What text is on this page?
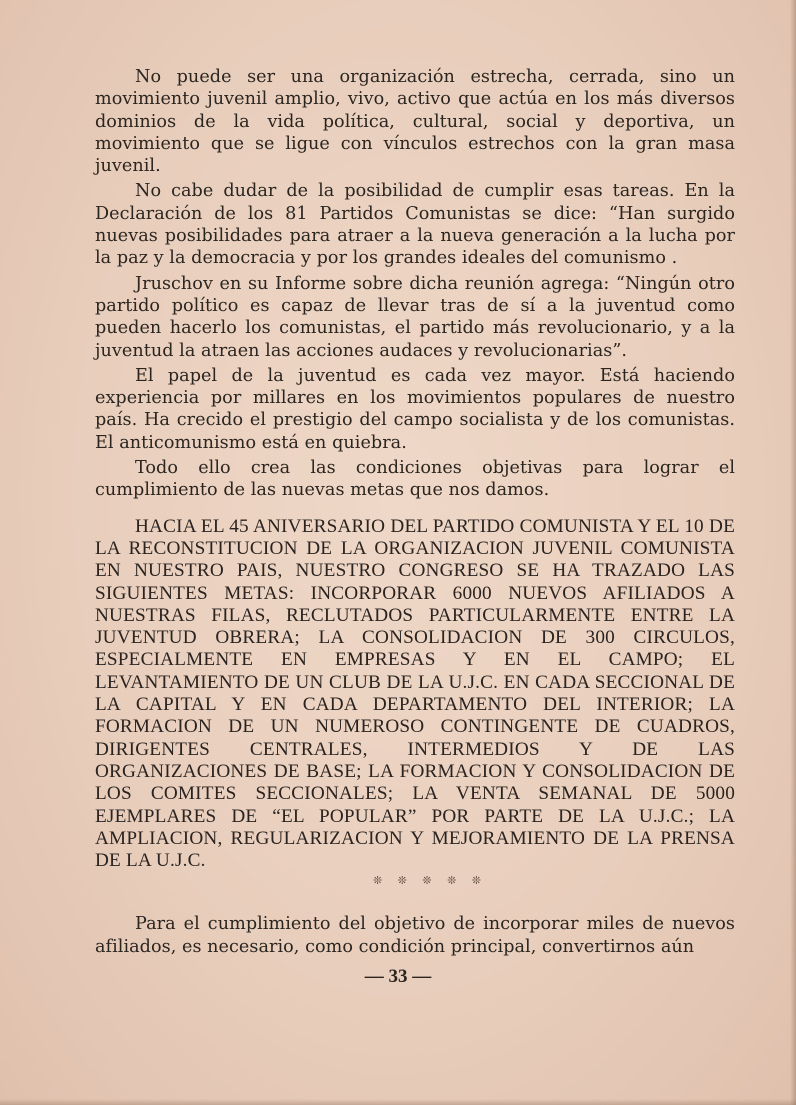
No puede ser una organización estrecha, cerrada, sino un movimiento juvenil amplio, vivo, activo que actúa en los más diversos dominios de la vida política, cultural, social y deportiva, un movimiento que se ligue con vínculos estrechos con la gran masa juvenil.

No cabe dudar de la posibilidad de cumplir esas tareas. En la Declaración de los 81 Partidos Comunistas se dice: “Han surgido nuevas posibilidades para atraer a la nueva generación a la lucha por la paz y la democracia y por los grandes ideales del comunismo .

Jruschov en su Informe sobre dicha reunión agrega: “Ningún otro partido político es capaz de llevar tras de sí a la juventud como pueden hacerlo los comunistas, el partido más revolucionario, y a la juventud la atraen las acciones audaces y revolucionarias”.

El papel de la juventud es cada vez mayor. Está haciendo experiencia por millares en los movimientos populares de nuestro país. Ha crecido el prestigio del campo socialista y de los comunistas. El anticomunismo está en quiebra.

Todo ello crea las condiciones objetivas para lograr el cumplimiento de las nuevas metas que nos damos.

HACIA EL 45 ANIVERSARIO DEL PARTIDO COMUNISTA Y EL 10 DE LA RECONSTITUCION DE LA ORGANIZACION JUVENIL COMUNISTA EN NUESTRO PAIS, NUESTRO CONGRESO SE HA TRAZADO LAS SIGUIENTES METAS: INCORPORAR 6000 NUEVOS AFILIADOS A NUESTRAS FILAS, RECLUTADOS PARTICULARMENTE ENTRE LA JUVENTUD OBRERA; LA CONSOLIDACION DE 300 CIRCULOS, ESPECIALMENTE EN EMPRESAS Y EN EL CAMPO; EL LEVANTAMIENTO DE UN CLUB DE LA U.J.C. EN CADA SECCIONAL DE LA CAPITAL Y EN CADA DEPARTAMENTO DEL INTERIOR; LA FORMACION DE UN NUMEROSO CONTINGENTE DE CUADROS, DIRIGENTES CENTRALES, INTERMEDIOS Y DE LAS ORGANIZACIONES DE BASE; LA FORMACION Y CONSOLIDACION DE LOS COMITES SECCIONALES; LA VENTA SEMANAL DE 5000 EJEMPLARES DE “EL POPULAR” POR PARTE DE LA U.J.C.; LA AMPLIACION, REGULARIZACION Y MEJORAMIENTO DE LA PRENSA DE LA U.J.C.

❊ ❊ ❊ ❊ ❊

Para el cumplimiento del objetivo de incorporar miles de nuevos afiliados, es necesario, como condición principal, convertirnos aún

— 33 —
